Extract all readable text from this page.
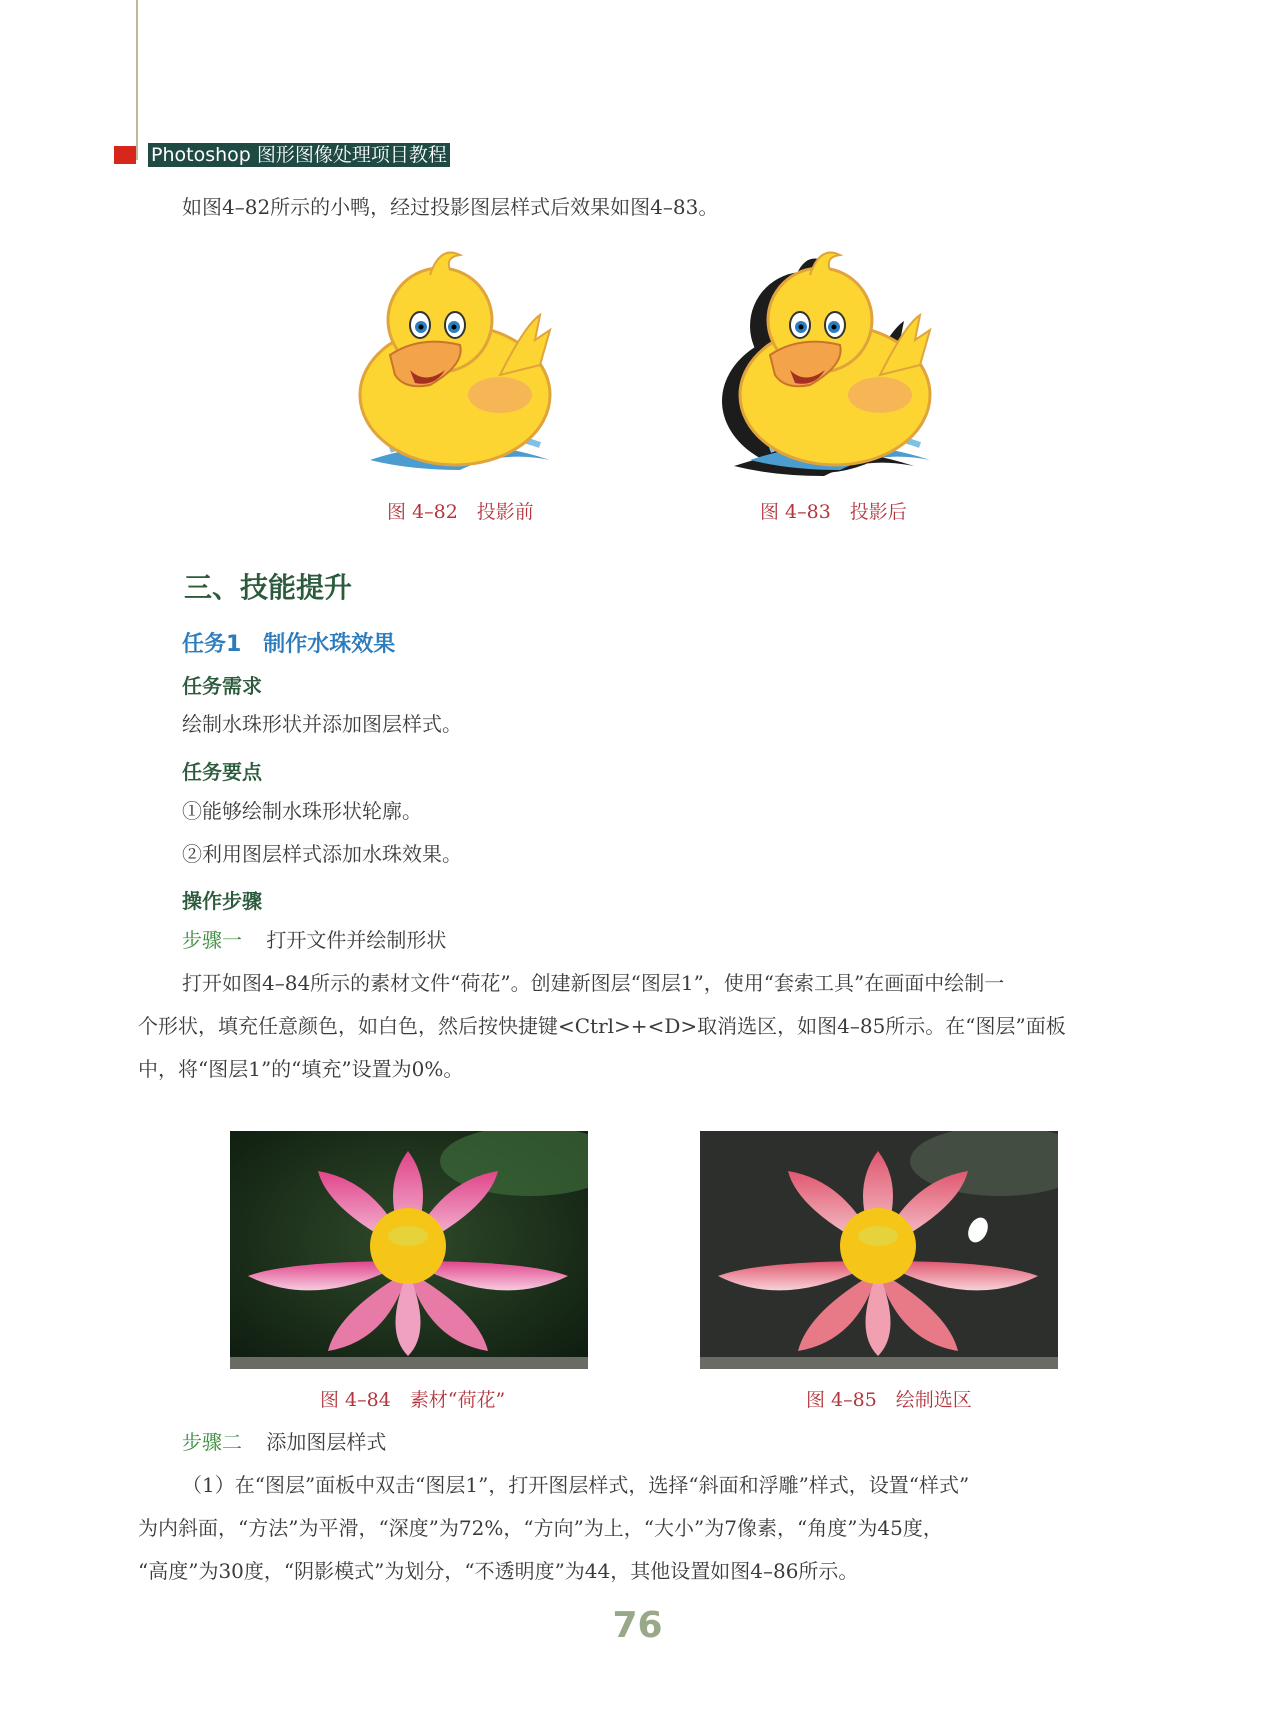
Photoshop 图形图像处理项目教程
如图4–82所示的小鸭，经过投影图层样式后效果如图4–83。
图 4–82　投影前	图 4–83　投影后
三、技能提升
任务1　制作水珠效果
任务需求
绘制水珠形状并添加图层样式。
任务要点
①能够绘制水珠形状轮廓。
②利用图层样式添加水珠效果。
操作步骤
步骤一 打开文件并绘制形状
打开如图4–84所示的素材文件“荷花”。创建新图层“图层1”，使用“套索工具”在画面中绘制一
个形状，填充任意颜色，如白色，然后按快捷键<Ctrl>+<D>取消选区，如图4–85所示。在“图层”面板
中，将“图层1”的“填充”设置为0%。
图 4–84　素材“荷花”	图 4–85　绘制选区
步骤二 添加图层样式
（1）在“图层”面板中双击“图层1”，打开图层样式，选择“斜面和浮雕”样式，设置“样式”
为内斜面，“方法”为平滑，“深度”为72%，“方向”为上，“大小”为7像素，“角度”为45度，
“高度”为30度，“阴影模式”为划分，“不透明度”为44，其他设置如图4–86所示。
76
